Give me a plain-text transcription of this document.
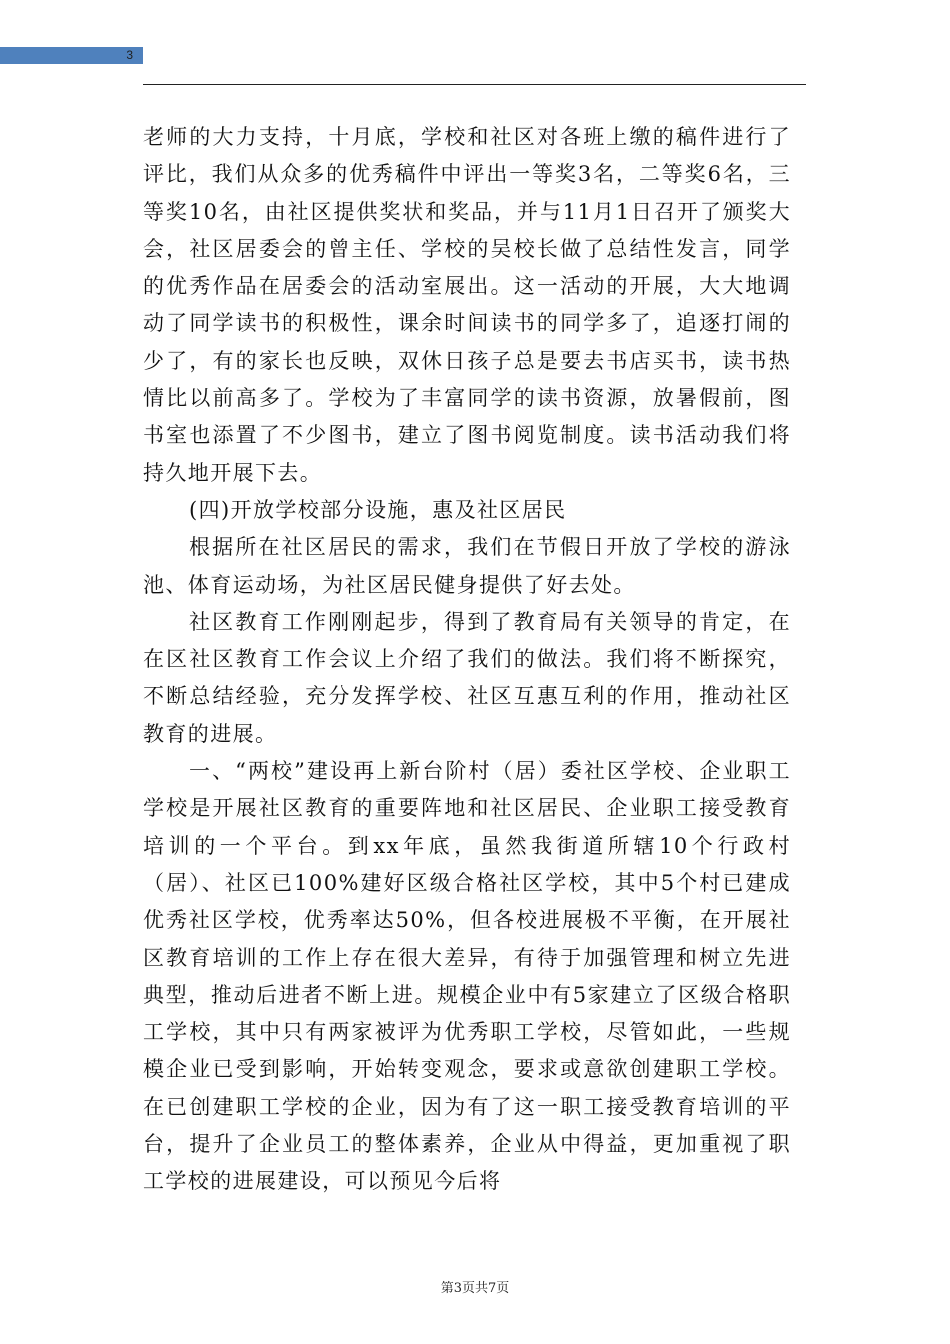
3

老师的大力支持，十月底，学校和社区对各班上缴的稿件进行了评比，我们从众多的优秀稿件中评出一等奖3名，二等奖6名，三等奖10名，由社区提供奖状和奖品，并与11月1日召开了颁奖大会，社区居委会的曾主任、学校的吴校长做了总结性发言，同学的优秀作品在居委会的活动室展出。这一活动的开展，大大地调动了同学读书的积极性，课余时间读书的同学多了，追逐打闹的少了，有的家长也反映，双休日孩子总是要去书店买书，读书热情比以前高多了。学校为了丰富同学的读书资源，放暑假前，图书室也添置了不少图书，建立了图书阅览制度。读书活动我们将持久地开展下去。

(四)开放学校部分设施，惠及社区居民

根据所在社区居民的需求，我们在节假日开放了学校的游泳池、体育运动场，为社区居民健身提供了好去处。

社区教育工作刚刚起步，得到了教育局有关领导的肯定，在在区社区教育工作会议上介绍了我们的做法。我们将不断探究，不断总结经验，充分发挥学校、社区互惠互利的作用，推动社区教育的进展。

一、“两校”建设再上新台阶村（居）委社区学校、企业职工学校是开展社区教育的重要阵地和社区居民、企业职工接受教育培训的一个平台。到xx年底，虽然我街道所辖10个行政村（居）、社区已100%建好区级合格社区学校，其中5个村已建成优秀社区学校，优秀率达50%，但各校进展极不平衡，在开展社区教育培训的工作上存在很大差异，有待于加强管理和树立先进典型，推动后进者不断上进。规模企业中有5家建立了区级合格职工学校，其中只有两家被评为优秀职工学校，尽管如此，一些规模企业已受到影响，开始转变观念，要求或意欲创建职工学校。在已创建职工学校的企业，因为有了这一职工接受教育培训的平台，提升了企业员工的整体素养，企业从中得益，更加重视了职工学校的进展建设，可以预见今后将

第3页共7页
